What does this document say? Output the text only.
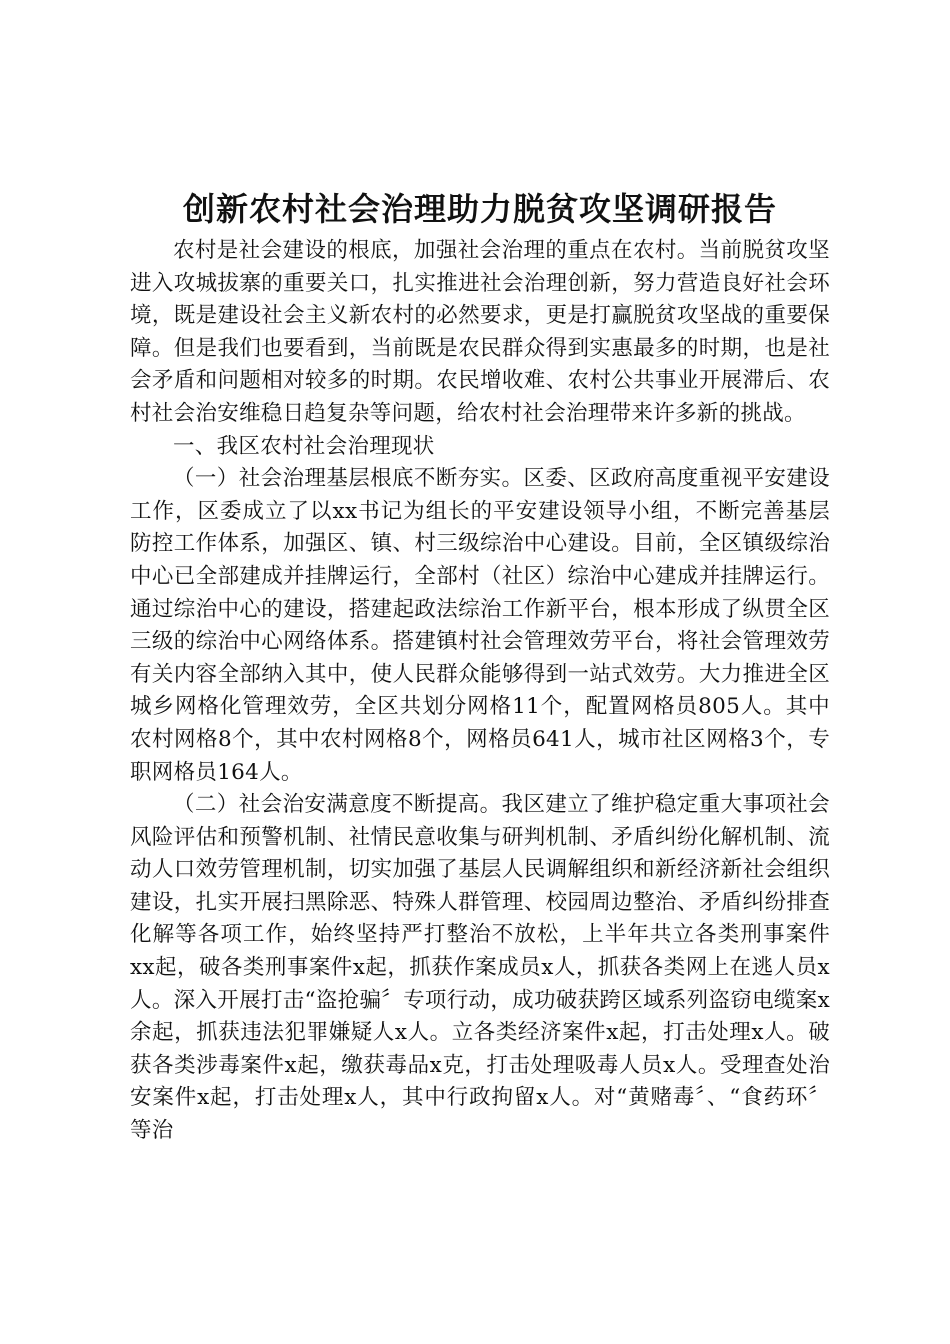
创新农村社会治理助力脱贫攻坚调研报告

农村是社会建设的根底，加强社会治理的重点在农村。当前脱贫攻坚进入攻城拔寨的重要关口，扎实推进社会治理创新，努力营造良好社会环境，既是建设社会主义新农村的必然要求，更是打赢脱贫攻坚战的重要保障。但是我们也要看到，当前既是农民群众得到实惠最多的时期，也是社会矛盾和问题相对较多的时期。农民增收难、农村公共事业开展滞后、农村社会治安维稳日趋复杂等问题，给农村社会治理带来许多新的挑战。

一、我区农村社会治理现状

（一）社会治理基层根底不断夯实。区委、区政府高度重视平安建设工作，区委成立了以xx书记为组长的平安建设领导小组，不断完善基层防控工作体系，加强区、镇、村三级综治中心建设。目前，全区镇级综治中心已全部建成并挂牌运行，全部村（社区）综治中心建成并挂牌运行。通过综治中心的建设，搭建起政法综治工作新平台，根本形成了纵贯全区三级的综治中心网络体系。搭建镇村社会管理效劳平台，将社会管理效劳有关内容全部纳入其中，使人民群众能够得到一站式效劳。大力推进全区城乡网格化管理效劳，全区共划分网格11个，配置网格员805人。其中农村网格8个，其中农村网格8个，网格员641人，城市社区网格3个，专职网格员164人。

（二）社会治安满意度不断提高。我区建立了维护稳定重大事项社会风险评估和预警机制、社情民意收集与研判机制、矛盾纠纷化解机制、流动人口效劳管理机制，切实加强了基层人民调解组织和新经济新社会组织建设，扎实开展扫黑除恶、特殊人群管理、校园周边整治、矛盾纠纷排查化解等各项工作，始终坚持严打整治不放松，上半年共立各类刑事案件xx起，破各类刑事案件x起，抓获作案成员x人，抓获各类网上在逃人员x人。深入开展打击“盗抢骗〞专项行动，成功破获跨区域系列盗窃电缆案x余起，抓获违法犯罪嫌疑人x人。立各类经济案件x起，打击处理x人。破获各类涉毒案件x起，缴获毒品x克，打击处理吸毒人员x人。受理查处治安案件x起，打击处理x人，其中行政拘留x人。对“黄赌毒〞、“食药环〞等治
